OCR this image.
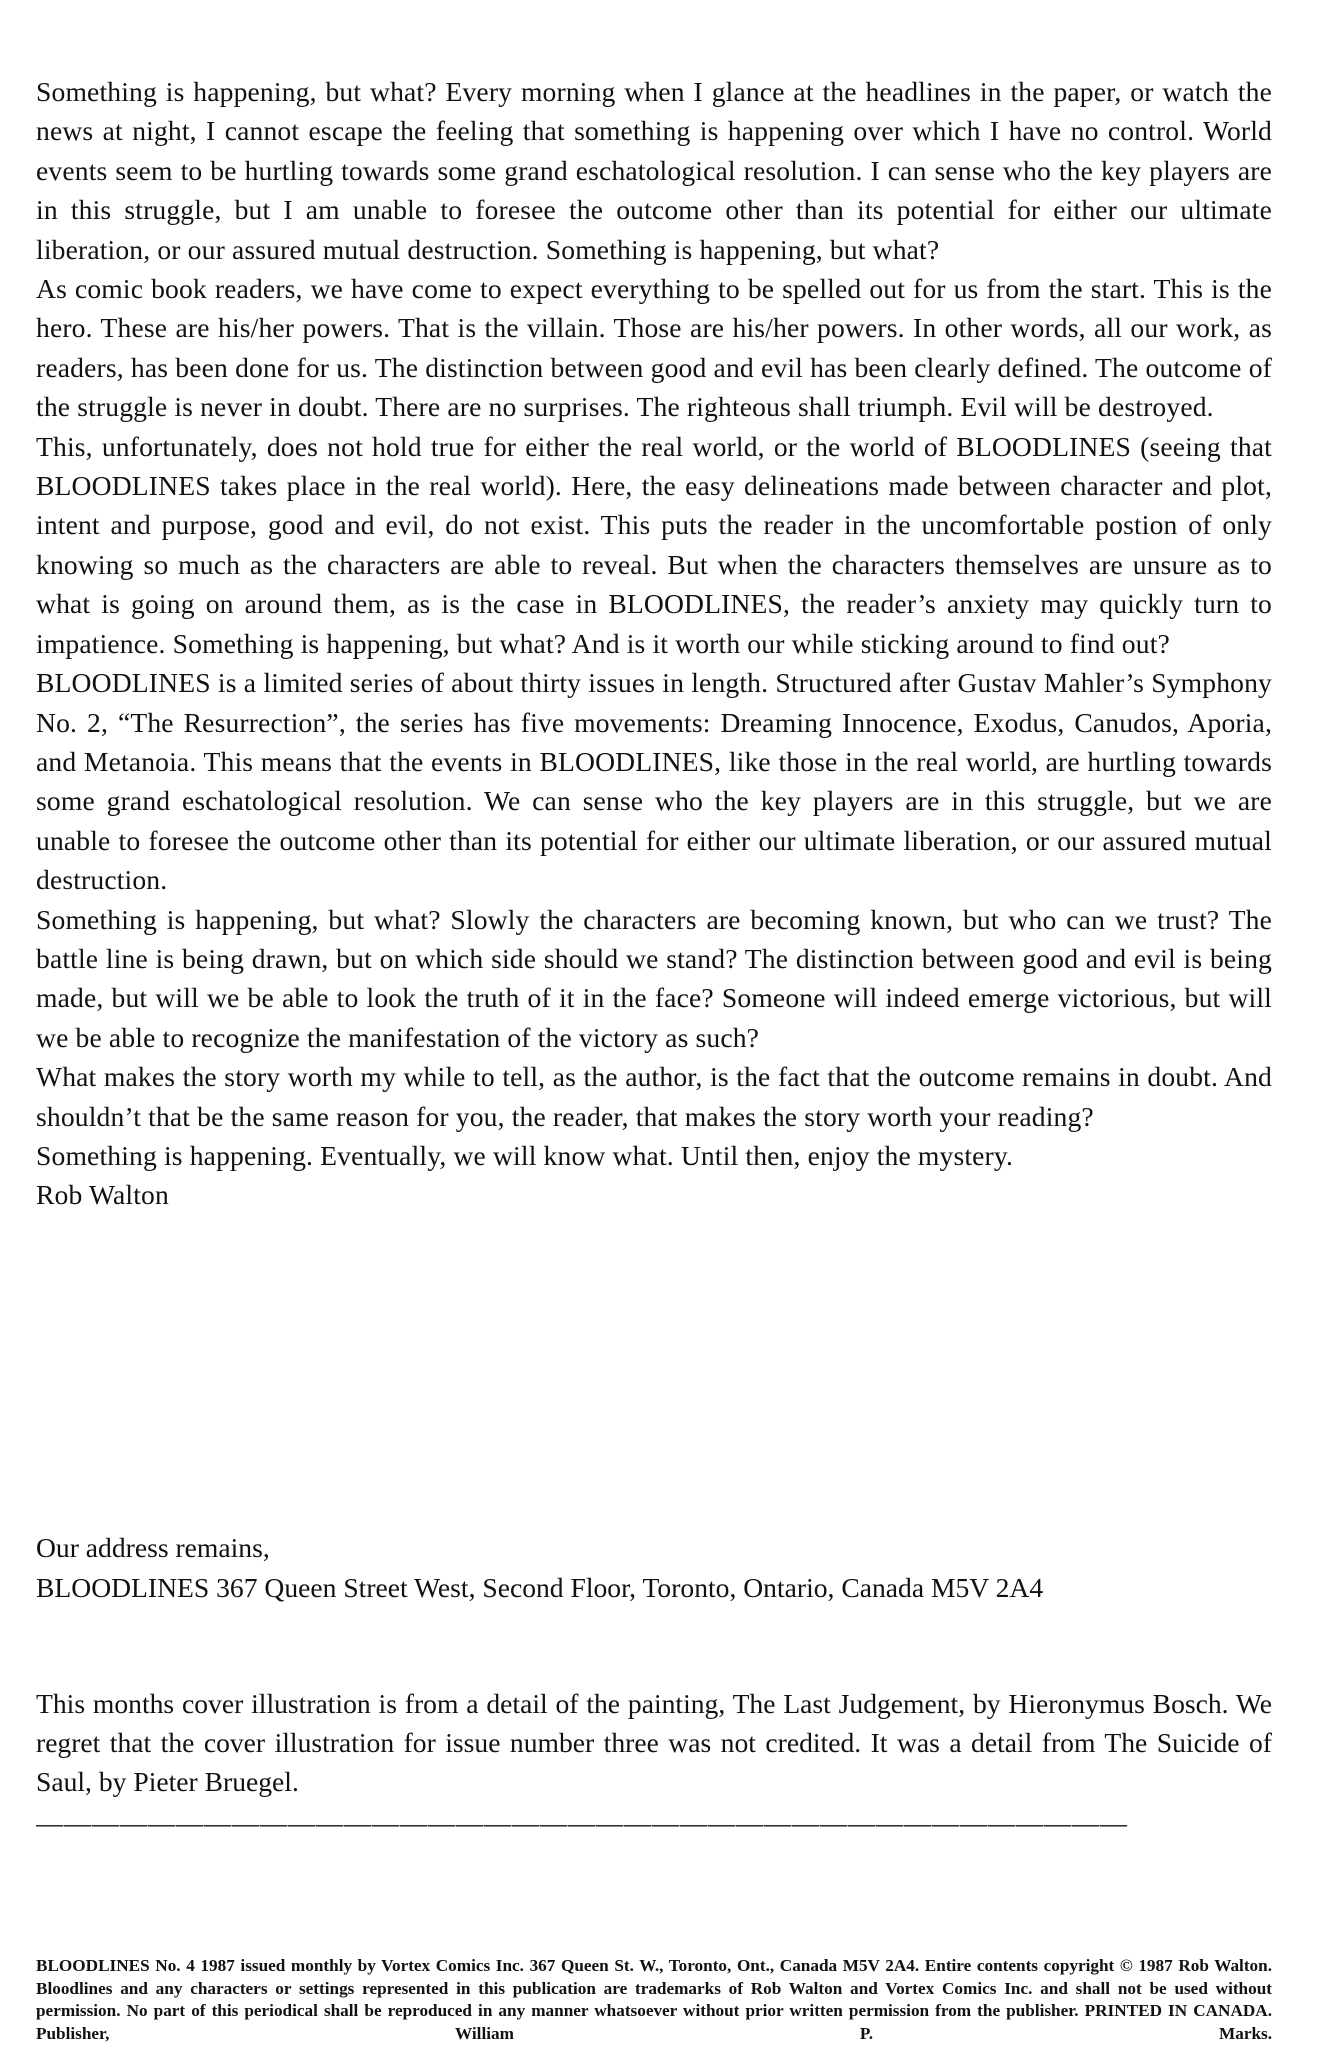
Something is happening, but what? Every morning when I glance at the headlines in the paper, or watch the news at night, I cannot escape the feeling that something is happening over which I have no control. World events seem to be hurtling towards some grand eschatological resolution. I can sense who the key players are in this struggle, but I am unable to foresee the outcome other than its potential for either our ultimate liberation, or our assured mutual destruction. Something is happening, but what?

As comic book readers, we have come to expect everything to be spelled out for us from the start. This is the hero. These are his/her powers. That is the villain. Those are his/her powers. In other words, all our work, as readers, has been done for us. The distinction between good and evil has been clearly defined. The outcome of the struggle is never in doubt. There are no surprises. The righteous shall triumph. Evil will be destroyed.

This, unfortunately, does not hold true for either the real world, or the world of BLOODLINES (seeing that BLOODLINES takes place in the real world). Here, the easy delineations made between character and plot, intent and purpose, good and evil, do not exist. This puts the reader in the uncomfortable postion of only knowing so much as the characters are able to reveal. But when the characters themselves are unsure as to what is going on around them, as is the case in BLOODLINES, the reader’s anxiety may quickly turn to impatience. Something is happening, but what? And is it worth our while sticking around to find out?

BLOODLINES is a limited series of about thirty issues in length. Structured after Gustav Mahler’s Symphony No. 2, “The Resurrection”, the series has five movements: Dreaming Innocence, Exodus, Canudos, Aporia, and Metanoia. This means that the events in BLOODLINES, like those in the real world, are hurtling towards some grand eschatological resolution. We can sense who the key players are in this struggle, but we are unable to foresee the outcome other than its potential for either our ultimate liberation, or our assured mutual destruction.

Something is happening, but what? Slowly the characters are becoming known, but who can we trust? The battle line is being drawn, but on which side should we stand? The distinction between good and evil is being made, but will we be able to look the truth of it in the face? Someone will indeed emerge victorious, but will we be able to recognize the manifestation of the victory as such?

What makes the story worth my while to tell, as the author, is the fact that the outcome remains in doubt. And shouldn’t that be the same reason for you, the reader, that makes the story worth your reading?

Something is happening. Eventually, we will know what. Until then, enjoy the mystery.

Rob Walton

Our address remains,

BLOODLINES 367 Queen Street West, Second Floor, Toronto, Ontario, Canada M5V 2A4

This months cover illustration is from a detail of the painting, The Last Judgement, by Hieronymus Bosch. We regret that the cover illustration for issue number three was not credited. It was a detail from The Suicide of Saul, by Pieter Bruegel.
———————————————————————————————————————
BLOODLINES No. 4 1987 issued monthly by Vortex Comics Inc. 367 Queen St. W., Toronto, Ont., Canada M5V 2A4. Entire contents copyright © 1987 Rob Walton. Bloodlines and any characters or settings represented in this publication are trademarks of Rob Walton and Vortex Comics Inc. and shall not be used without permission. No part of this periodical shall be reproduced in any manner whatsoever without prior written permission from the publisher. PRINTED IN CANADA. Publisher, William P. Marks.
